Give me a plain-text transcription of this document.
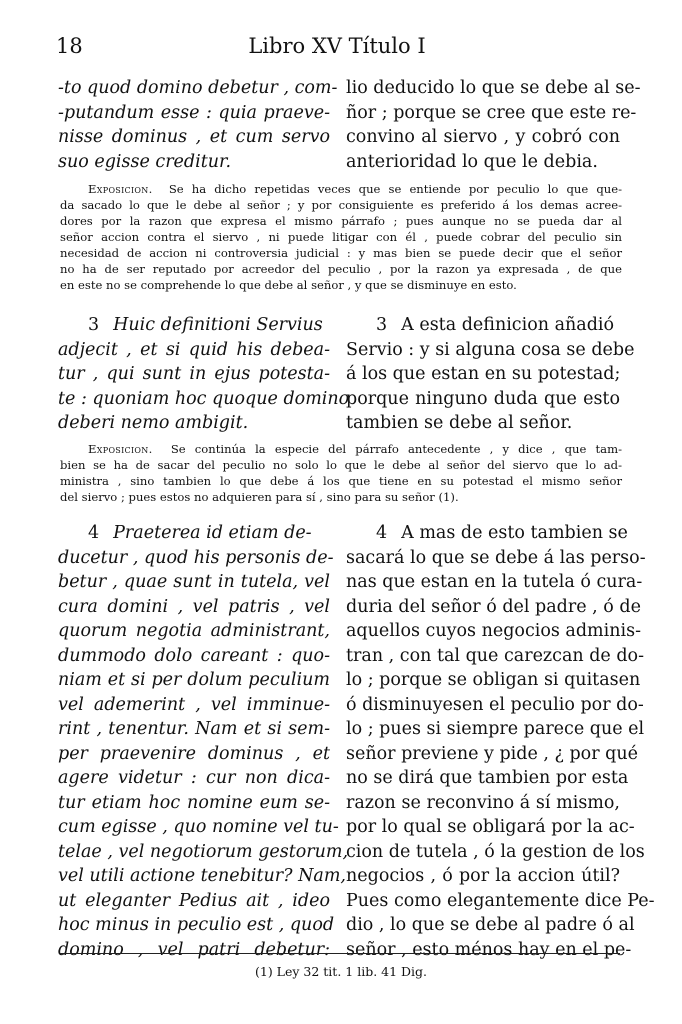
18	Libro XV Título I
-to quod domino debetur , com-
-putandum esse : quia praeve-
nisse dominus , et cum servo
suo egisse creditur.
lio deducido lo que se debe al se-
ñor ; porque se cree que este re-
convino al siervo , y cobró con
anterioridad lo que le debia.
Exposicion. Se ha dicho repetidas veces que se entiende por peculio lo que que-
da sacado lo que le debe al señor ; y por consiguiente es preferido á los demas acree-
dores por la razon que expresa el mismo párrafo ; pues aunque no se pueda dar al
señor accion contra el siervo , ni puede litigar con él , puede cobrar del peculio sin
necesidad de accion ni controversia judicial : y mas bien se puede decir que el señor
no ha de ser reputado por acreedor del peculio , por la razon ya expresada , de que
en este no se comprehende lo que debe al señor , y que se disminuye en esto.
3 Huic definitioni Servius
adjecit , et si quid his debea-
tur , qui sunt in ejus potesta-
te : quoniam hoc quoque domino
deberi nemo ambigit.
3 A esta definicion añadió
Servio : y si alguna cosa se debe
á los que estan en su potestad;
porque ninguno duda que esto
tambien se debe al señor.
Exposicion. Se continúa la especie del párrafo antecedente , y dice , que tam-
bien se ha de sacar del peculio no solo lo que le debe al señor del siervo que lo ad-
ministra , sino tambien lo que debe á los que tiene en su potestad el mismo señor
del siervo ; pues estos no adquieren para sí , sino para su señor (1).
4 Praeterea id etiam de-
ducetur , quod his personis de-
betur , quae sunt in tutela, vel
cura domini , vel patris , vel
quorum negotia administrant,
dummodo dolo careant : quo-
niam et si per dolum peculium
vel ademerint , vel imminue-
rint , tenentur. Nam et si sem-
per praevenire dominus , et
agere videtur : cur non dica-
tur etiam hoc nomine eum se-
cum egisse , quo nomine vel tu-
telae , vel negotiorum gestorum,
vel utili actione tenebitur? Nam,
ut eleganter Pedius ait , ideo
hoc minus in peculio est , quod
domino , vel patri debetur:
4 A mas de esto tambien se
sacará lo que se debe á las perso-
nas que estan en la tutela ó cura-
duria del señor ó del padre , ó de
aquellos cuyos negocios adminis-
tran , con tal que carezcan de do-
lo ; porque se obligan si quitasen
ó disminuyesen el peculio por do-
lo ; pues si siempre parece que el
señor previene y pide , ¿ por qué
no se dirá que tambien por esta
razon se reconvino á sí mismo,
por lo qual se obligará por la ac-
cion de tutela , ó la gestion de los
negocios , ó por la accion útil?
Pues como elegantemente dice Pe-
dio , lo que se debe al padre ó al
señor , esto ménos hay en el pe-
(1) Ley 32 tit. 1 lib. 41 Dig.
